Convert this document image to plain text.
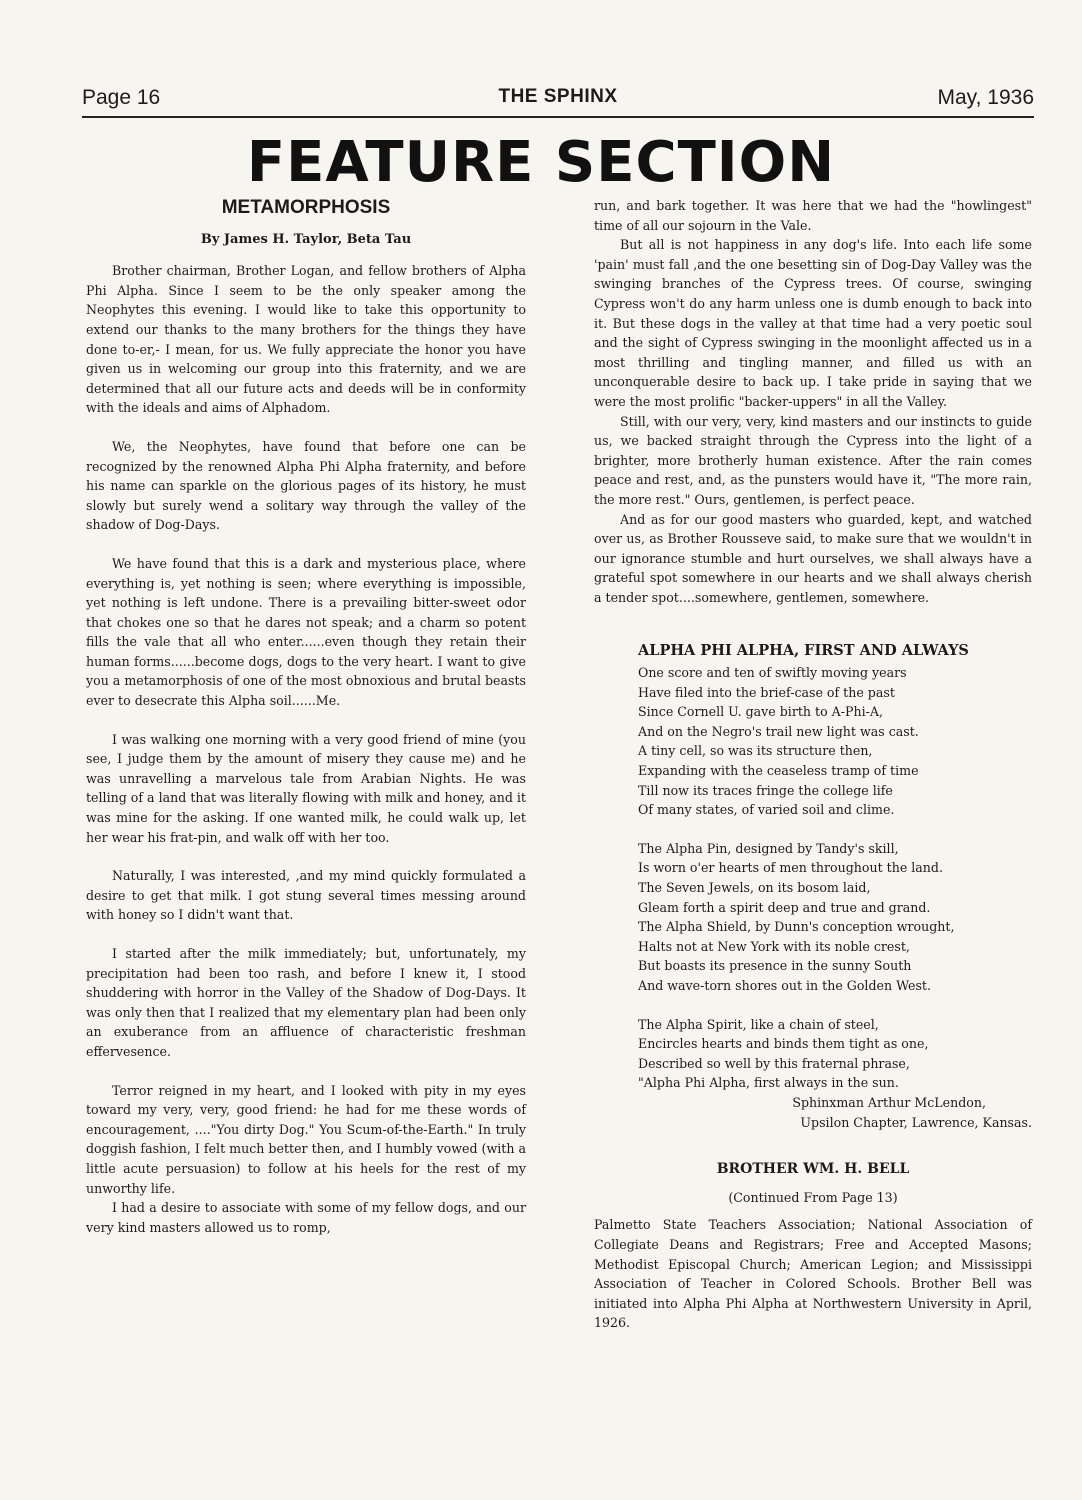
Page 16	THE SPHINX	May, 1936
FEATURE SECTION
METAMORPHOSIS
By James H. Taylor, Beta Tau

Brother chairman, Brother Logan, and fellow brothers of Alpha Phi Alpha. Since I seem to be the only speaker among the Neophytes this evening. I would like to take this opportunity to extend our thanks to the many brothers for the things they have done to-er,- I mean, for us. We fully appreciate the honor you have given us in welcoming our group into this fraternity, and we are determined that all our future acts and deeds will be in conformity with the ideals and aims of Alphadom.

We, the Neophytes, have found that before one can be recognized by the renowned Alpha Phi Alpha fraternity, and before his name can sparkle on the glorious pages of its history, he must slowly but surely wend a solitary way through the valley of the shadow of Dog-Days.

We have found that this is a dark and mysterious place, where everything is, yet nothing is seen; where everything is impossible, yet nothing is left undone. There is a prevailing bitter-sweet odor that chokes one so that he dares not speak; and a charm so potent fills the vale that all who enter......even though they retain their human forms......become dogs, dogs to the very heart. I want to give you a metamorphosis of one of the most obnoxious and brutal beasts ever to desecrate this Alpha soil......Me.

I was walking one morning with a very good friend of mine (you see, I judge them by the amount of misery they cause me) and he was unravelling a marvelous tale from Arabian Nights. He was telling of a land that was literally flowing with milk and honey, and it was mine for the asking. If one wanted milk, he could walk up, let her wear his frat-pin, and walk off with her too.

Naturally, I was interested, ,and my mind quickly formulated a desire to get that milk. I got stung several times messing around with honey so I didn't want that.

I started after the milk immediately; but, unfortunately, my precipitation had been too rash, and before I knew it, I stood shuddering with horror in the Valley of the Shadow of Dog-Days. It was only then that I realized that my elementary plan had been only an exuberance from an affluence of characteristic freshman effervesence.

Terror reigned in my heart, and I looked with pity in my eyes toward my very, very, good friend: he had for me these words of encouragement, ...."You dirty Dog." You Scum-of-the-Earth." In truly doggish fashion, I felt much better then, and I humbly vowed (with a little acute persuasion) to follow at his heels for the rest of my unworthy life.

I had a desire to associate with some of my fellow dogs, and our very kind masters allowed us to romp,

run, and bark together. It was here that we had the "howlingest" time of all our sojourn in the Vale.

But all is not happiness in any dog's life. Into each life some 'pain' must fall ,and the one besetting sin of Dog-Day Valley was the swinging branches of the Cypress trees. Of course, swinging Cypress won't do any harm unless one is dumb enough to back into it. But these dogs in the valley at that time had a very poetic soul and the sight of Cypress swinging in the moonlight affected us in a most thrilling and tingling manner, and filled us with an unconquerable desire to back up. I take pride in saying that we were the most prolific "backer-uppers" in all the Valley.

Still, with our very, very, kind masters and our instincts to guide us, we backed straight through the Cypress into the light of a brighter, more brotherly human existence. After the rain comes peace and rest, and, as the punsters would have it, "The more rain, the more rest." Ours, gentlemen, is perfect peace.

And as for our good masters who guarded, kept, and watched over us, as Brother Rousseve said, to make sure that we wouldn't in our ignorance stumble and hurt ourselves, we shall always have a grateful spot somewhere in our hearts and we shall always cherish a tender spot....somewhere, gentlemen, somewhere.

ALPHA PHI ALPHA, FIRST AND ALWAYS
One score and ten of swiftly moving years
Have filed into the brief-case of the past
Since Cornell U. gave birth to A-Phi-A,
And on the Negro's trail new light was cast.
A tiny cell, so was its structure then,
Expanding with the ceaseless tramp of time
Till now its traces fringe the college life
Of many states, of varied soil and clime.
The Alpha Pin, designed by Tandy's skill,
Is worn o'er hearts of men throughout the land.
The Seven Jewels, on its bosom laid,
Gleam forth a spirit deep and true and grand.
The Alpha Shield, by Dunn's conception wrought,
Halts not at New York with its noble crest,
But boasts its presence in the sunny South
And wave-torn shores out in the Golden West.
The Alpha Spirit, like a chain of steel,
Encircles hearts and binds them tight as one,
Described so well by this fraternal phrase,
"Alpha Phi Alpha, first always in the sun.
Sphinxman Arthur McLendon,
Upsilon Chapter, Lawrence, Kansas.
BROTHER WM. H. BELL
(Continued From Page 13)

Palmetto State Teachers Association; National Association of Collegiate Deans and Registrars; Free and Accepted Masons; Methodist Episcopal Church; American Legion; and Mississippi Association of Teacher in Colored Schools. Brother Bell was initiated into Alpha Phi Alpha at Northwestern University in April, 1926.
